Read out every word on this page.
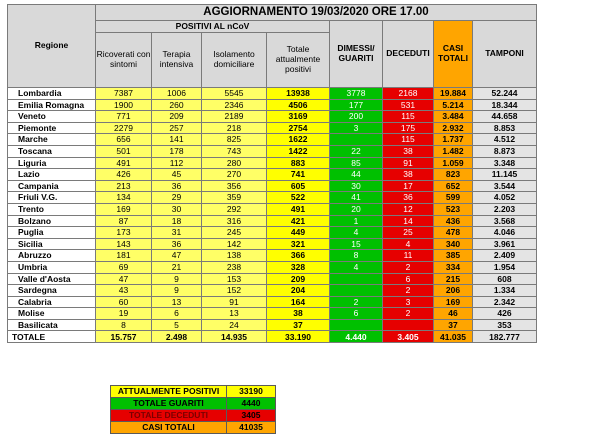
Regione	AGGIORNAMENTO 19/03/2020 ORE 17.00							
	POSITIVI AL nCoV				DIMESSI/ GUARITI	DECEDUTI	CASI TOTALI	TAMPONI
	Ricoverati con sintomi	Terapia intensiva	Isolamento domiciliare	Totale attualmente positivi				
Lombardia	7387	1006	5545	13938	3778	2168	19.884	52.244
Emilia Romagna	1900	260	2346	4506	177	531	5.214	18.344
Veneto	771	209	2189	3169	200	115	3.484	44.658
Piemonte	2279	257	218	2754	3	175	2.932	8.853
Marche	656	141	825	1622		115	1.737	4.512
Toscana	501	178	743	1422	22	38	1.482	8.873
Liguria	491	112	280	883	85	91	1.059	3.348
Lazio	426	45	270	741	44	38	823	11.145
Campania	213	36	356	605	30	17	652	3.544
Friuli V.G.	134	29	359	522	41	36	599	4.052
Trento	169	30	292	491	20	12	523	2.203
Bolzano	87	18	316	421	1	14	436	3.568
Puglia	173	31	245	449	4	25	478	4.046
Sicilia	143	36	142	321	15	4	340	3.961
Abruzzo	181	47	138	366	8	11	385	2.409
Umbria	69	21	238	328	4	2	334	1.954
Valle d'Aosta	47	9	153	209		6	215	608
Sardegna	43	9	152	204		2	206	1.334
Calabria	60	13	91	164	2	3	169	2.342
Molise	19	6	13	38	6	2	46	426
Basilicata	8	5	24	37			37	353
TOTALE	15.757	2.498	14.935	33.190	4.440	3.405	41.035	182.777
ATTUALMENTE POSITIVI	33190
TOTALE GUARITI	4440
TOTALE DECEDUTI	3405
CASI TOTALI	41035
